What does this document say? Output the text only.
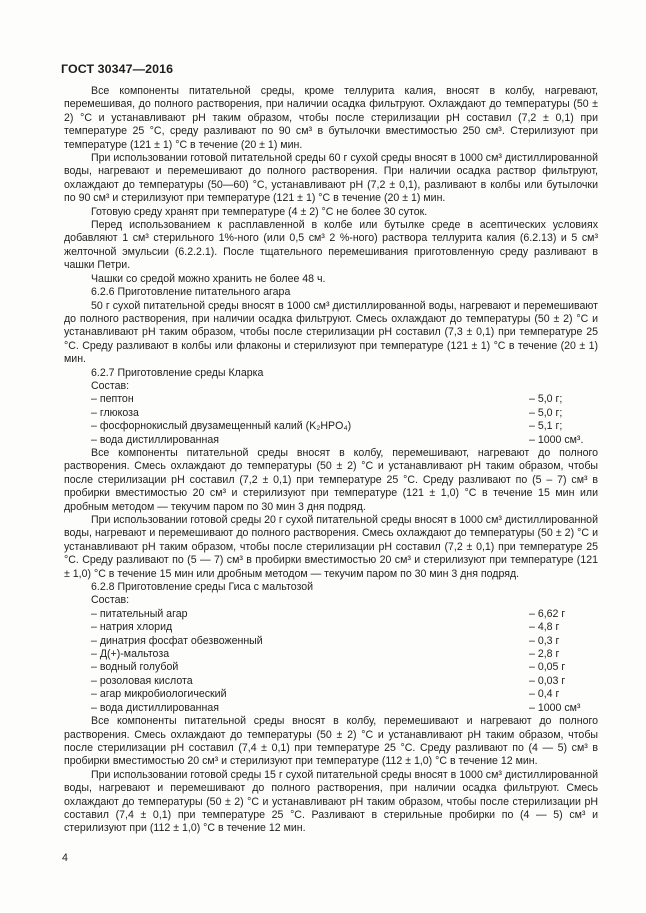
ГОСТ 30347—2016

Все компоненты питательной среды, кроме теллурита калия, вносят в колбу, нагревают, перемешивая, до полного растворения, при наличии осадка фильтруют. Охлаждают до температуры (50 ± 2) °С и устанавливают рН таким образом, чтобы после стерилизации рН составил (7,2 ± 0,1) при температуре 25 °С, среду разливают по 90 см³ в бутылочки вместимостью 250 см³. Стерилизуют при температуре (121 ± 1) °С в течение (20 ± 1) мин.

При использовании готовой питательной среды 60 г сухой среды вносят в 1000 см³ дистиллированной воды, нагревают и перемешивают до полного растворения. При наличии осадка раствор фильтруют, охлаждают до температуры (50—60) °С, устанавливают рН (7,2 ± 0,1), разливают в колбы или бутылочки по 90 см³ и стерилизуют при температуре (121 ± 1) °С в течение (20 ± 1) мин.

Готовую среду хранят при температуре (4 ± 2) °С не более 30 суток.

Перед использованием к расплавленной в колбе или бутылке среде в асептических условиях добавляют 1 см³ стерильного 1%-ного (или 0,5 см³ 2 %-ного) раствора теллурита калия (6.2.13) и 5 см³ желточной эмульсии (6.2.2.1). После тщательного перемешивания приготовленную среду разливают в чашки Петри.

Чашки со средой можно хранить не более 48 ч.

6.2.6 Приготовление питательного агара

50 г сухой питательной среды вносят в 1000 см³ дистиллированной воды, нагревают и перемешивают до полного растворения, при наличии осадка фильтруют. Смесь охлаждают до температуры (50 ± 2) °С и устанавливают рН таким образом, чтобы после стерилизации рН составил (7,3 ± 0,1) при температуре 25 °С. Среду разливают в колбы или флаконы и стерилизуют при температуре (121 ± 1) °С в течение (20 ± 1) мин.

6.2.7 Приготовление среды Кларка

Состав:

– пептон	– 5,0 г;
– глюкоза	– 5,0 г;
– фосфорнокислый двузамещенный калий (K₂HPO₄)	– 5,1 г;
– вода дистиллированная	– 1000 см³.

Все компоненты питательной среды вносят в колбу, перемешивают, нагревают до полного растворения. Смесь охлаждают до температуры (50 ± 2) °С и устанавливают рН таким образом, чтобы после стерилизации рН составил (7,2 ± 0,1) при температуре 25 °С. Среду разливают по (5 – 7) см³ в пробирки вместимостью 20 см³ и стерилизуют при температуре (121 ± 1,0) °С в течение 15 мин или дробным методом — текучим паром по 30 мин 3 дня подряд.

При использовании готовой среды 20 г сухой питательной среды вносят в 1000 см³ дистиллированной воды, нагревают и перемешивают до полного растворения. Смесь охлаждают до температуры (50 ± 2) °С и устанавливают рН таким образом, чтобы после стерилизации рН составил (7,2 ± 0,1) при температуре 25 °С. Среду разливают по (5 — 7) см³ в пробирки вместимостью 20 см³ и стерилизуют при температуре (121 ± 1,0) °С в течение 15 мин или дробным методом — текучим паром по 30 мин 3 дня подряд.

6.2.8 Приготовление среды Гиса с мальтозой

Состав:

– питательный агар	– 6,62 г
– натрия хлорид	– 4,8 г
– динатрия фосфат обезвоженный	– 0,3 г
– Д(+)-мальтоза	– 2,8 г
– водный голубой	– 0,05 г
– розоловая кислота	– 0,03 г
– агар микробиологический	– 0,4 г
– вода дистиллированная	– 1000 см³

Все компоненты питательной среды вносят в колбу, перемешивают и нагревают до полного растворения. Смесь охлаждают до температуры (50 ± 2) °С и устанавливают рН таким образом, чтобы после стерилизации рН составил (7,4 ± 0,1) при температуре 25 °С. Среду разливают по (4 — 5) см³ в пробирки вместимостью 20 см³ и стерилизуют при температуре (112 ± 1,0) °С в течение 12 мин.

При использовании готовой среды 15 г сухой питательной среды вносят в 1000 см³ дистиллированной воды, нагревают и перемешивают до полного растворения, при наличии осадка фильтруют. Смесь охлаждают до температуры (50 ± 2) °С и устанавливают рН таким образом, чтобы после стерилизации рН составил (7,4 ± 0,1) при температуре 25 °С. Разливают в стерильные пробирки по (4 — 5) см³ и стерилизуют при (112 ± 1,0) °С в течение 12 мин.

4
